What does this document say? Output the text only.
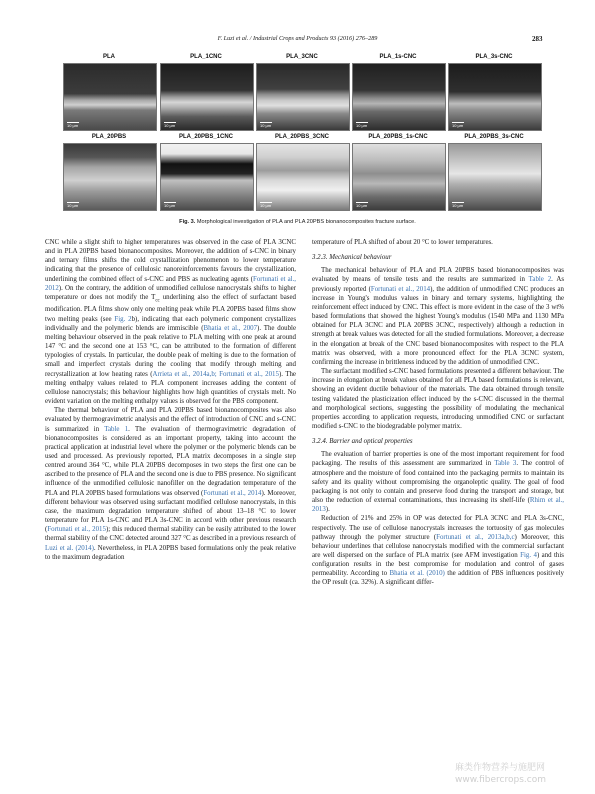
F. Luzi et al. / Industrial Crops and Products 93 (2016) 276–289	283
PLA	PLA_1CNC	PLA_3CNC	PLA_1s-CNC	PLA_3s-CNC
10 µm	10 µm	10 µm	10 µm	10 µm
PLA_20PBS	PLA_20PBS_1CNC	PLA_20PBS_3CNC	PLA_20PBS_1s-CNC	PLA_20PBS_3s-CNC
10 µm	10 µm	10 µm	10 µm	10 µm
Fig. 3. Morphological investigation of PLA and PLA 20PBS bionanocomposites fracture surface.

CNC while a slight shift to higher temperatures was observed in the case of PLA 3CNC and in PLA 20PBS based bionanocomposites. Moreover, the addition of s-CNC in binary and ternary films shifts the cold crystallization phenomenon to lower temperature indicating that the presence of cellulosic nanoreinforcements favours the crystallization, underlining the combined effect of s-CNC and PBS as nucleating agents (Fortunati et al., 2012). On the contrary, the addition of unmodified cellulose nanocrystals shifts to higher temperature or does not modify the $T_{cc}$ underlining also the effect of surfactant based modification. PLA films show only one melting peak while PLA 20PBS based films show two melting peaks (see Fig. 2b), indicating that each polymeric component crystallizes individually and the polymeric blends are immiscible (Bhatia et al., 2007). The double melting behaviour observed in the peak relative to PLA melting with one peak at around 147 °C and the second one at 153 °C, can be attributed to the formation of different typologies of crystals. In particular, the double peak of melting is due to the formation of small and imperfect crystals during the cooling that modify through melting and recrystallization at low heating rates (Arrieta et al., 2014a,b; Fortunati et al., 2015). The melting enthalpy values related to PLA component increases adding the content of cellulose nanocrystals; this behaviour highlights how high quantities of crystals melt. No evident variation on the melting enthalpy values is observed for the PBS component.

The thermal behaviour of PLA and PLA 20PBS based bionanocomposites was also evaluated by thermogravimetric analysis and the effect of introduction of CNC and s-CNC is summarized in Table 1. The evaluation of thermogravimetric degradation of bionanocomposites is considered as an important property, taking into account the practical application at industrial level where the polymer or the polymeric blends can be used and processed. As previously reported, PLA matrix decomposes in a single step centred around 364 °C, while PLA 20PBS decomposes in two steps the first one can be ascribed to the presence of PLA and the second one is due to PBS presence. No significant influence of the unmodified cellulosic nanofiller on the degradation temperature of the PLA and PLA 20PBS based formulations was observed (Fortunati et al., 2014). Moreover, different behaviour was observed using surfactant modified cellulose nanocrystals, in this case, the maximum degradation temperature shifted of about 13–18 °C to lower temperature for PLA 1s-CNC and PLA 3s-CNC in accord with other previous research (Fortunati et al., 2015); this reduced thermal stability can be easily attributed to the lower thermal stability of the CNC detected around 327 °C as described in a previous research of Luzi et al. (2014). Nevertheless, in PLA 20PBS based formulations only the peak relative to the maximum degradation

temperature of PLA shifted of about 20 °C to lower temperatures.

3.2.3. Mechanical behaviour

The mechanical behaviour of PLA and PLA 20PBS based bionanocomposites was evaluated by means of tensile tests and the results are summarized in Table 2. As previously reported (Fortunati et al., 2014), the addition of unmodified CNC produces an increase in Young's modulus values in binary and ternary systems, highlighting the reinforcement effect induced by CNC. This effect is more evident in the case of the 3 wt% based formulations that showed the highest Young's modulus (1540 MPa and 1130 MPa obtained for PLA 3CNC and PLA 20PBS 3CNC, respectively) although a reduction in strength at break values was detected for all the studied formulations. Moreover, a decrease in the elongation at break of the CNC based bionanocomposites with respect to the PLA matrix was observed, with a more pronounced effect for the PLA 3CNC system, confirming the increase in brittleness induced by the addition of unmodified CNC.

The surfactant modified s-CNC based formulations presented a different behaviour. The increase in elongation at break values obtained for all PLA based formulations is relevant, showing an evident ductile behaviour of the materials. The data obtained through tensile testing validated the plasticization effect induced by the s-CNC discussed in the thermal and morphological sections, suggesting the possibility of modulating the mechanical properties according to application requests, introducing unmodified CNC or surfactant modified s-CNC to the biodegradable polymer matrix.

3.2.4. Barrier and optical properties

The evaluation of barrier properties is one of the most important requirement for food packaging. The results of this assessment are summarized in Table 3. The control of atmosphere and the moisture of food contained into the packaging permits to maintain its safety and its quality without compromising the organoleptic quality. The goal of food packaging is not only to contain and preserve food during the transport and storage, but also the reduction of external contaminations, thus increasing its shelf-life (Rhim et al., 2013).

Reduction of 21% and 25% in OP was detected for PLA 3CNC and PLA 3s-CNC, respectively. The use of cellulose nanocrystals increases the tortuosity of gas molecules pathway through the polymer structure (Fortunati et al., 2013a,b,c) Moreover, this behaviour underlines that cellulose nanocrystals modified with the commercial surfactant are well dispersed on the surface of PLA matrix (see AFM investigation Fig. 4) and this configuration results in the best compromise for modulation and control of gases permeability. According to Bhatia et al. (2010) the addition of PBS influences positively the OP result (ca. 32%). A significant differ-

麻类作物营养与施肥网
www.fibercrops.com
